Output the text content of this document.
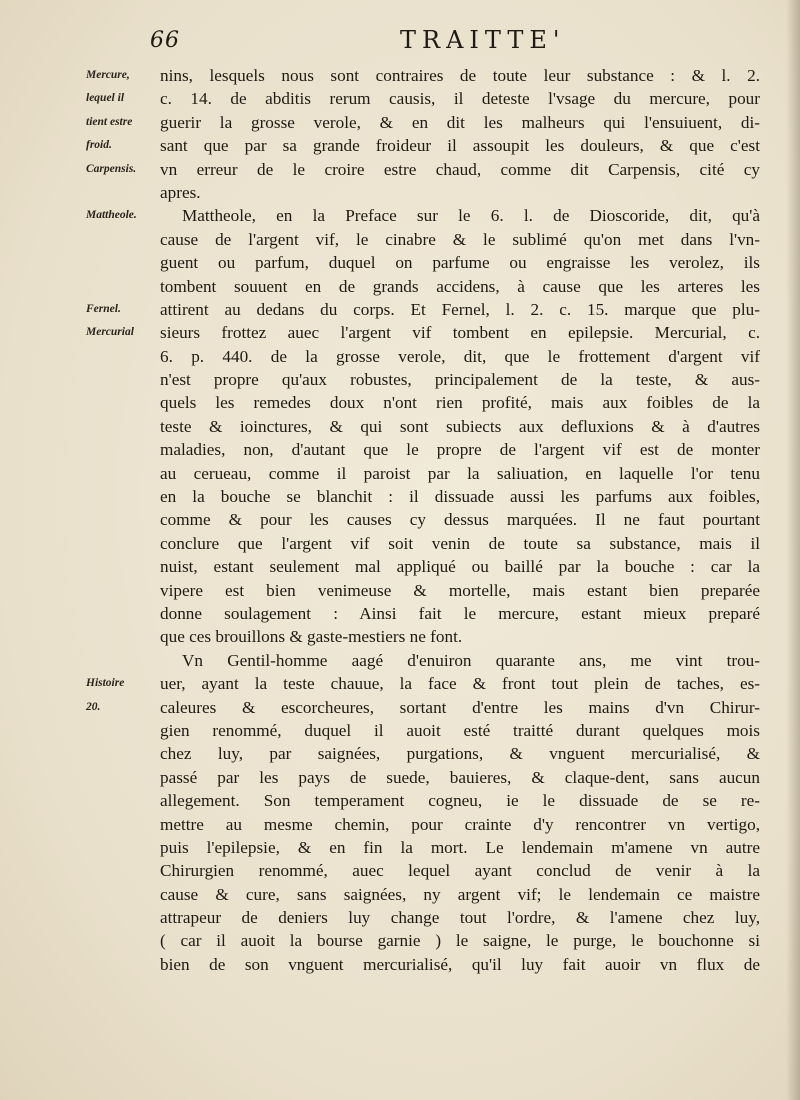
66	TRAITTE'
Mercure,
lequel il
tient estre
froid.
Carpensis.
Mattheole.
Fernel.
Mercurial
Histoire
20.
nins, lesquels nous sont contraires de toute leur substance : & l. 2.
c. 14. de abditis rerum causis, il deteste l'vsage du mercure, pour
guerir la grosse verole, & en dit les malheurs qui l'ensuiuent, di-
sant que par sa grande froideur il assoupit les douleurs, & que c'est
vn erreur de le croire estre chaud, comme dit Carpensis, cité cy
apres.
Mattheole, en la Preface sur le 6. l. de Dioscoride, dit, qu'à
cause de l'argent vif, le cinabre & le sublimé qu'on met dans l'vn-
guent ou parfum, duquel on parfume ou engraisse les verolez, ils
tombent souuent en de grands accidens, à cause que les arteres les
attirent au dedans du corps. Et Fernel, l. 2. c. 15. marque que plu-
sieurs frottez auec l'argent vif tombent en epilepsie. Mercurial, c.
6. p. 440. de la grosse verole, dit, que le frottement d'argent vif
n'est propre qu'aux robustes, principalement de la teste, & aus-
quels les remedes doux n'ont rien profité, mais aux foibles de la
teste & ioinctures, & qui sont subiects aux defluxions & à d'autres
maladies, non, d'autant que le propre de l'argent vif est de monter
au cerueau, comme il paroist par la saliuation, en laquelle l'or tenu
en la bouche se blanchit : il dissuade aussi les parfums aux foibles,
comme & pour les causes cy dessus marquées. Il ne faut pourtant
conclure que l'argent vif soit venin de toute sa substance, mais il
nuist, estant seulement mal appliqué ou baillé par la bouche : car la
vipere est bien venimeuse & mortelle, mais estant bien preparée
donne soulagement : Ainsi fait le mercure, estant mieux preparé
que ces brouillons & gaste-mestiers ne font.
Vn Gentil-homme aagé d'enuiron quarante ans, me vint trou-
uer, ayant la teste chauue, la face & front tout plein de taches, es-
caleures & escorcheures, sortant d'entre les mains d'vn Chirur-
gien renommé, duquel il auoit esté traitté durant quelques mois
chez luy, par saignées, purgations, & vnguent mercurialisé, &
passé par les pays de suede, bauieres, & claque-dent, sans aucun
allegement. Son temperament cogneu, ie le dissuade de se re-
mettre au mesme chemin, pour crainte d'y rencontrer vn vertigo,
puis l'epilepsie, & en fin la mort. Le lendemain m'amene vn autre
Chirurgien renommé, auec lequel ayant conclud de venir à la
cause & cure, sans saignées, ny argent vif; le lendemain ce maistre
attrapeur de deniers luy change tout l'ordre, & l'amene chez luy,
( car il auoit la bourse garnie ) le saigne, le purge, le bouchonne si
bien de son vnguent mercurialisé, qu'il luy fait auoir vn flux de
